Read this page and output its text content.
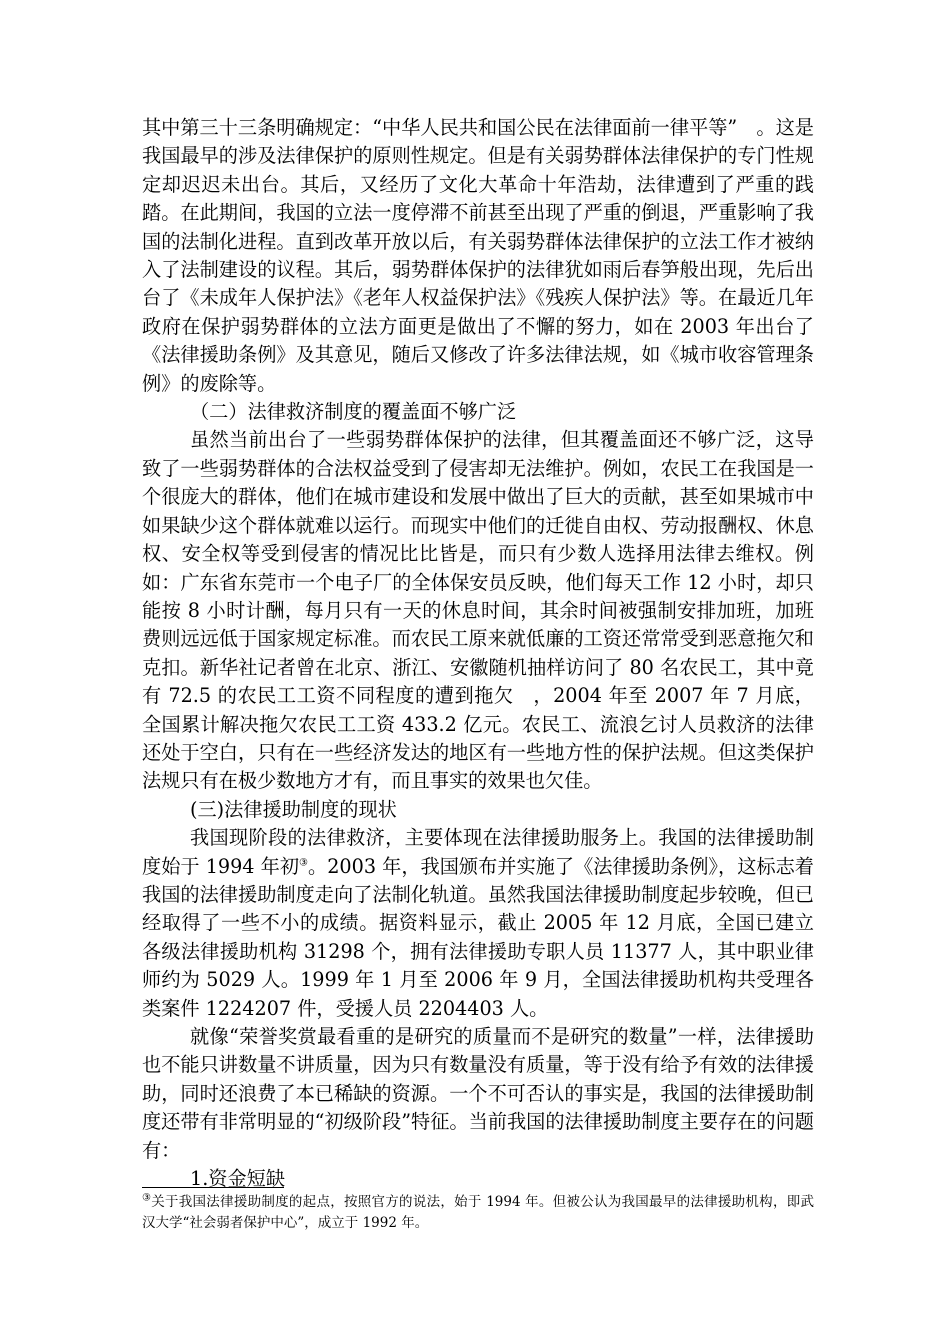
其中第三十三条明确规定：“中华人民共和国公民在法律面前一律平等”　。这是我国最早的涉及法律保护的原则性规定。但是有关弱势群体法律保护的专门性规定却迟迟未出台。其后，又经历了文化大革命十年浩劫，法律遭到了严重的践踏。在此期间，我国的立法一度停滞不前甚至出现了严重的倒退，严重影响了我国的法制化进程。直到改革开放以后，有关弱势群体法律保护的立法工作才被纳入了法制建设的议程。其后，弱势群体保护的法律犹如雨后春笋般出现，先后出台了《未成年人保护法》《老年人权益保护法》《残疾人保护法》等。在最近几年政府在保护弱势群体的立法方面更是做出了不懈的努力，如在 2003 年出台了《法律援助条例》及其意见，随后又修改了许多法律法规，如《城市收容管理条例》的废除等。

（二）法律救济制度的覆盖面不够广泛

虽然当前出台了一些弱势群体保护的法律，但其覆盖面还不够广泛，这导致了一些弱势群体的合法权益受到了侵害却无法维护。例如，农民工在我国是一个很庞大的群体，他们在城市建设和发展中做出了巨大的贡献，甚至如果城市中如果缺少这个群体就难以运行。而现实中他们的迁徙自由权、劳动报酬权、休息权、安全权等受到侵害的情况比比皆是，而只有少数人选择用法律去维权。例如：广东省东莞市一个电子厂的全体保安员反映，他们每天工作 12 小时，却只能按 8 小时计酬，每月只有一天的休息时间，其余时间被强制安排加班，加班费则远远低于国家规定标准。而农民工原来就低廉的工资还常常受到恶意拖欠和克扣。新华社记者曾在北京、浙江、安徽随机抽样访问了 80 名农民工，其中竟有 72.5 的农民工工资不同程度的遭到拖欠　，2004 年至 2007 年 7 月底，全国累计解决拖欠农民工工资 433.2 亿元。农民工、流浪乞讨人员救济的法律还处于空白，只有在一些经济发达的地区有一些地方性的保护法规。但这类保护法规只有在极少数地方才有，而且事实的效果也欠佳。

(三)法律援助制度的现状

我国现阶段的法律救济，主要体现在法律援助服务上。我国的法律援助制度始于 1994 年初③。2003 年，我国颁布并实施了《法律援助条例》，这标志着我国的法律援助制度走向了法制化轨道。虽然我国法律援助制度起步较晚，但已经取得了一些不小的成绩。据资料显示，截止 2005 年 12 月底，全国已建立各级法律援助机构 31298 个，拥有法律援助专职人员 11377 人，其中职业律师约为 5029 人。1999 年 1 月至 2006 年 9 月，全国法律援助机构共受理各类案件 1224207 件，受援人员 2204403 人。

就像“荣誉奖赏最看重的是研究的质量而不是研究的数量”一样，法律援助也不能只讲数量不讲质量，因为只有数量没有质量，等于没有给予有效的法律援助，同时还浪费了本已稀缺的资源。一个不可否认的事实是，我国的法律援助制度还带有非常明显的“初级阶段”特征。当前我国的法律援助制度主要存在的问题有：

1.资金短缺

③关于我国法律援助制度的起点，按照官方的说法，始于 1994 年。但被公认为我国最早的法律援助机构，即武汉大学“社会弱者保护中心”，成立于 1992 年。
